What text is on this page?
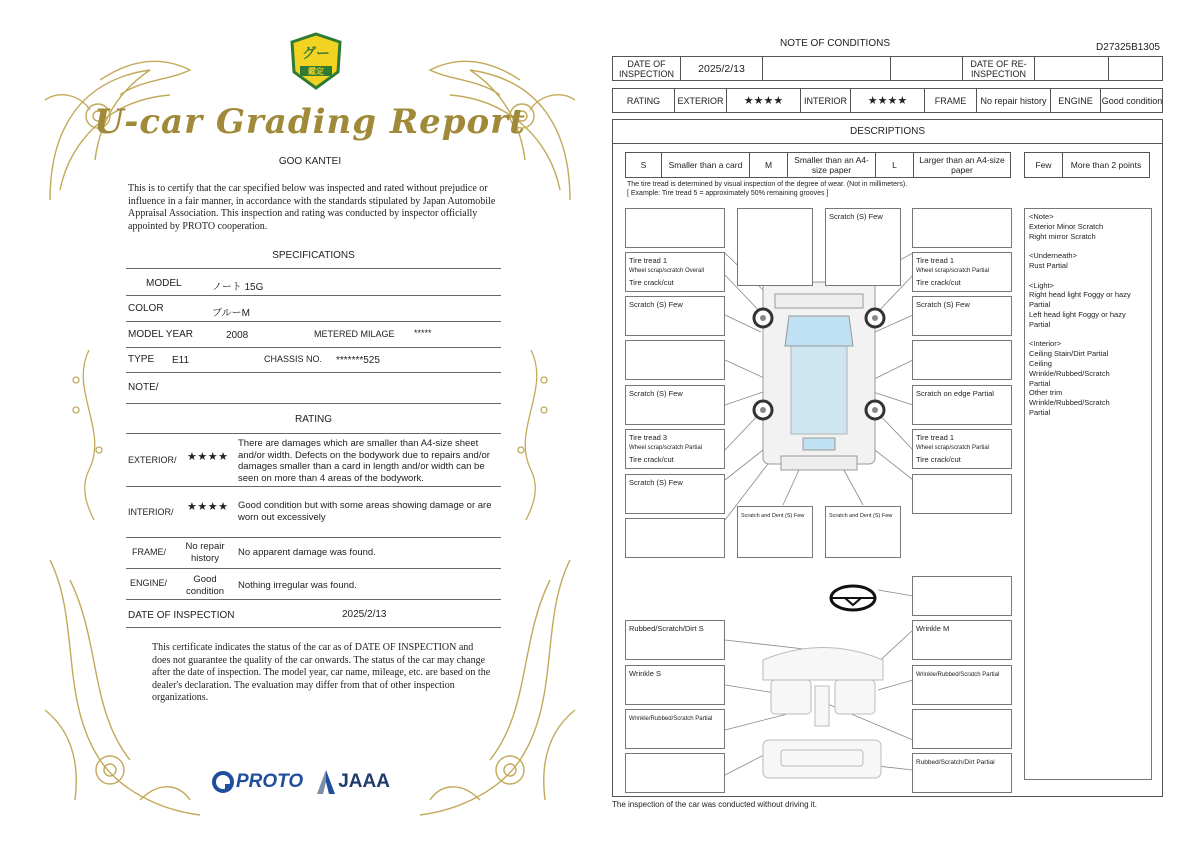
グー
鑑定
U-car Grading Report
GOO KANTEI
This is to certify that the car specified below was inspected and rated without prejudice or influence in a fair manner, in accordance with the standards stipulated by Japan Automobile Appraisal Association. This inspection and rating was conducted by inspector officially appointed by PROTO cooperation.
SPECIFICATIONS
MODEL	ノート 15G
COLOR	ブルーM
MODEL YEAR	2008	METERED MILAGE *****
TYPE E11	CHASSIS NO. *******525
NOTE/
RATING
EXTERIOR/ ★★★★
There are damages which are smaller than A4-size sheet and/or width. Defects on the bodywork due to repairs and/or damages smaller than a card in length and/or width can be seen on more than 4 areas of the bodywork.
INTERIOR/ ★★★★ Good condition but with some areas showing damage or are worn out excessively
FRAME/	No repair history	No apparent damage was found.
ENGINE/	Good condition	Nothing irregular was found.
DATE OF INSPECTION	2025/2/13
This certificate indicates the status of the car as of DATE OF INSPECTION and does not guarantee the quality of the car onwards. The status of the car may change after the date of inspection. The model year, car name, mileage, etc. are based on the dealer's declaration. The evaluation may differ from that of other inspection organizations.
PROTO JAAA
NOTE OF CONDITIONS	D27325B1305
DATE OF INSPECTION	2025/2/13	DATE OF RE-INSPECTION
RATING	EXTERIOR	★★★★	INTERIOR	★★★★	FRAME	No repair history	ENGINE Good condition
DESCRIPTIONS
S	Smaller than a card	M	Smaller than an A4-size paper	L	Larger than an A4-size paper	Few	More than 2 points
The tire tread is determined by visual inspection of the degree of wear. (Not in millimeters).
[ Example: Tire tread 5 = approximately 50% remaining grooves ]
Scratch (S) Few
Tire tread 1
Wheel scrap/scratch Overall
Tire crack/cut
Tire tread 1
Wheel scrap/scratch Partial
Tire crack/cut
Scratch (S) Few	Scratch (S) Few
Scratch (S) Few	Scratch on edge Partial
Tire tread 3
Wheel scrap/scratch Partial
Tire crack/cut
Tire tread 1
Wheel scrap/scratch Partial
Tire crack/cut
Scratch (S) Few
Scratch and Dent (S) Few	Scratch and Dent (S) Few
Rubbed/Scratch/Dirt S	Wrinkle M
Wrinkle S	Wrinkle/Rubbed/Scratch Partial
Wrinkle/Rubbed/Scratch Partial
Rubbed/Scratch/Dirt Partial
<Note>
Exterior Minor Scratch
Right mirror Scratch
<Underneath>
Rust Partial
<Light>
Right head light Foggy or hazy
Partial
Left head light Foggy or hazy
Partial
<Interior>
Ceiling Stain/Dirt Partial
Ceiling
Wrinkle/Rubbed/Scratch
Partial
Other trim
Wrinkle/Rubbed/Scratch
Partial
The inspection of the car was conducted without driving it.
